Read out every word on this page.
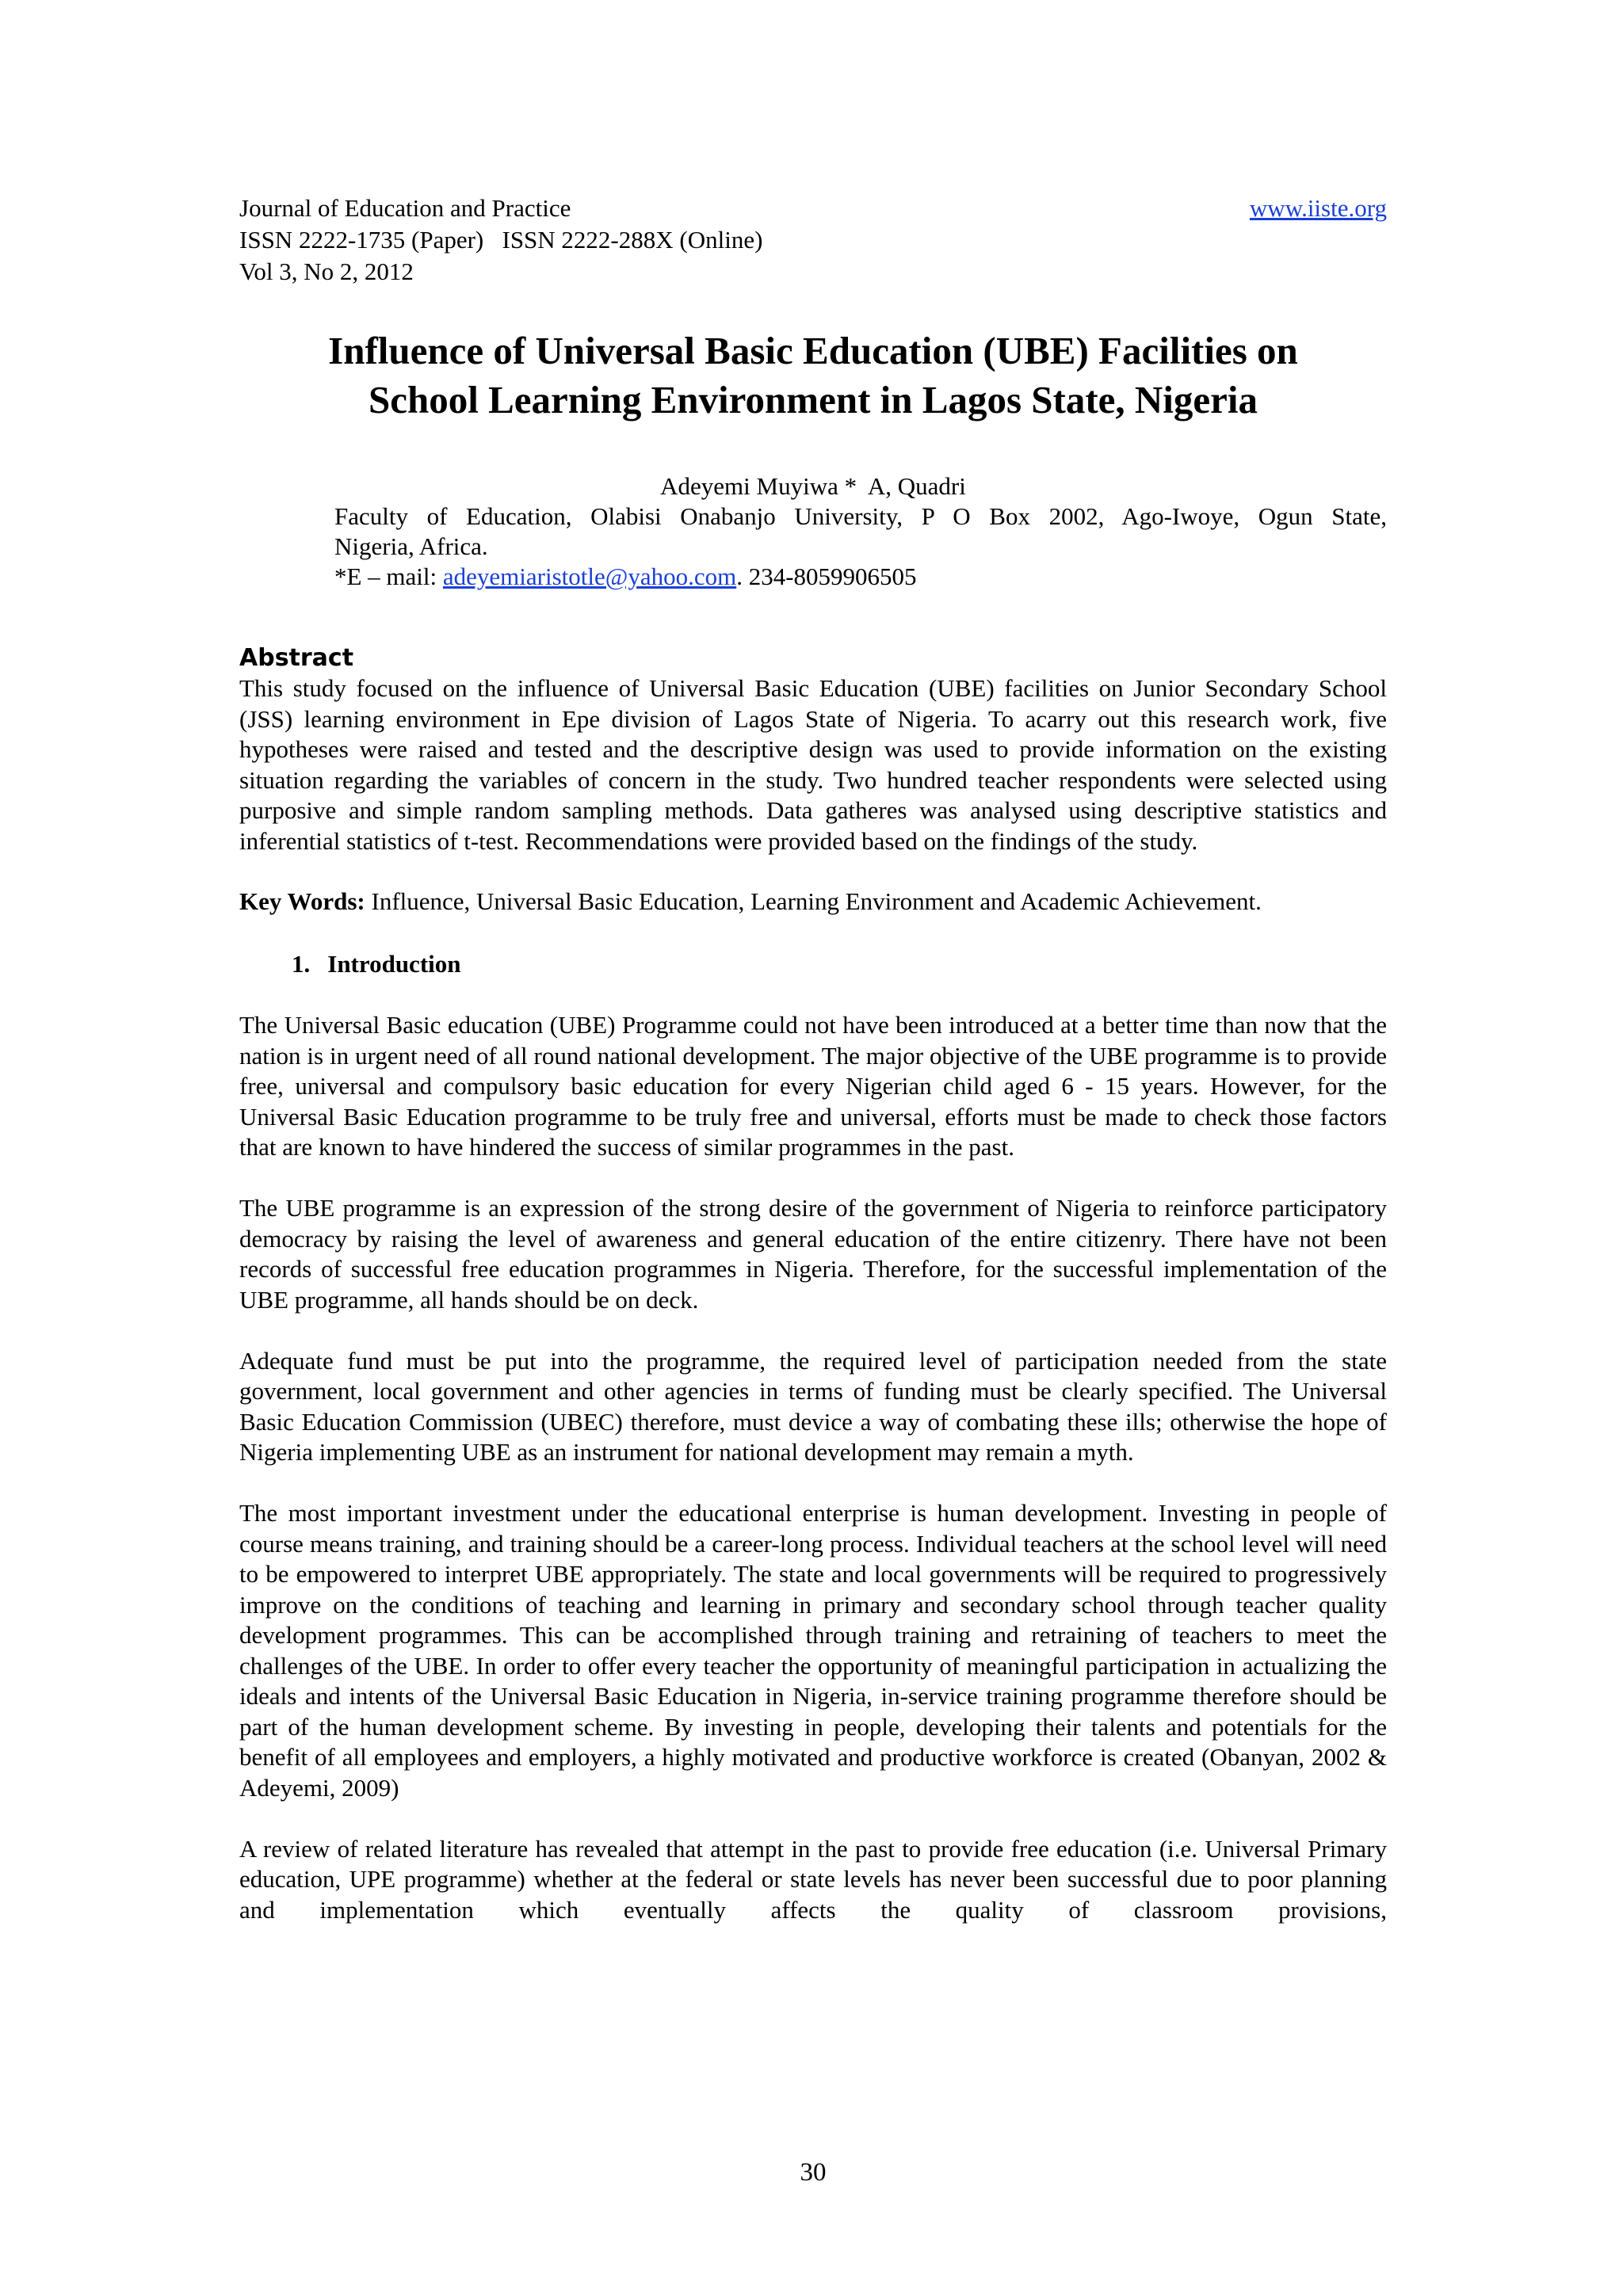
Journal of Education and Practice
ISSN 2222-1735 (Paper)   ISSN 2222-288X (Online)
Vol 3, No 2, 2012
www.iiste.org
Influence of Universal Basic Education (UBE) Facilities on
School Learning Environment in Lagos State, Nigeria
Adeyemi Muyiwa *  A, Quadri
Faculty of Education, Olabisi Onabanjo University, P O Box 2002, Ago-Iwoye, Ogun State,
Nigeria, Africa.
*E – mail: adeyemiaristotle@yahoo.com. 234-8059906505
Abstract
This study focused on the influence of Universal Basic Education (UBE) facilities on Junior Secondary School (JSS) learning environment in Epe division of Lagos State of Nigeria. To acarry out this research work, five hypotheses were raised and tested and the descriptive design was used to provide information on the existing situation regarding the variables of concern in the study. Two hundred teacher respondents were selected using purposive and simple random sampling methods. Data gatheres was analysed using descriptive statistics and inferential statistics of t-test. Recommendations were provided based on the findings of the study.
Key Words: Influence, Universal Basic Education, Learning Environment and Academic Achievement.
1. Introduction

The Universal Basic education (UBE) Programme could not have been introduced at a better time than now that the nation is in urgent need of all round national development. The major objective of the UBE programme is to provide free, universal and compulsory basic education for every Nigerian child aged 6 - 15 years. However, for the Universal Basic Education programme to be truly free and universal, efforts must be made to check those factors that are known to have hindered the success of similar programmes in the past.

The UBE programme is an expression of the strong desire of the government of Nigeria to reinforce participatory democracy by raising the level of awareness and general education of the entire citizenry. There have not been records of successful free education programmes in Nigeria. Therefore, for the successful implementation of the UBE programme, all hands should be on deck.

Adequate fund must be put into the programme, the required level of participation needed from the state government, local government and other agencies in terms of funding must be clearly specified. The Universal Basic Education Commission (UBEC) therefore, must device a way of combating these ills; otherwise the hope of Nigeria implementing UBE as an instrument for national development may remain a myth.

The most important investment under the educational enterprise is human development. Investing in people of course means training, and training should be a career-long process. Individual teachers at the school level will need to be empowered to interpret UBE appropriately. The state and local governments will be required to progressively improve on the conditions of teaching and learning in primary and secondary school through teacher quality development programmes. This can be accomplished through training and retraining of teachers to meet the challenges of the UBE. In order to offer every teacher the opportunity of meaningful participation in actualizing the ideals and intents of the Universal Basic Education in Nigeria, in-service training programme therefore should be part of the human development scheme. By investing in people, developing their talents and potentials for the benefit of all employees and employers, a highly motivated and productive workforce is created (Obanyan, 2002 & Adeyemi, 2009)

A review of related literature has revealed that attempt in the past to provide free education (i.e. Universal Primary education, UPE programme) whether at the federal or state levels has never been successful due to poor planning and implementation which eventually affects the quality of classroom provisions,

30
